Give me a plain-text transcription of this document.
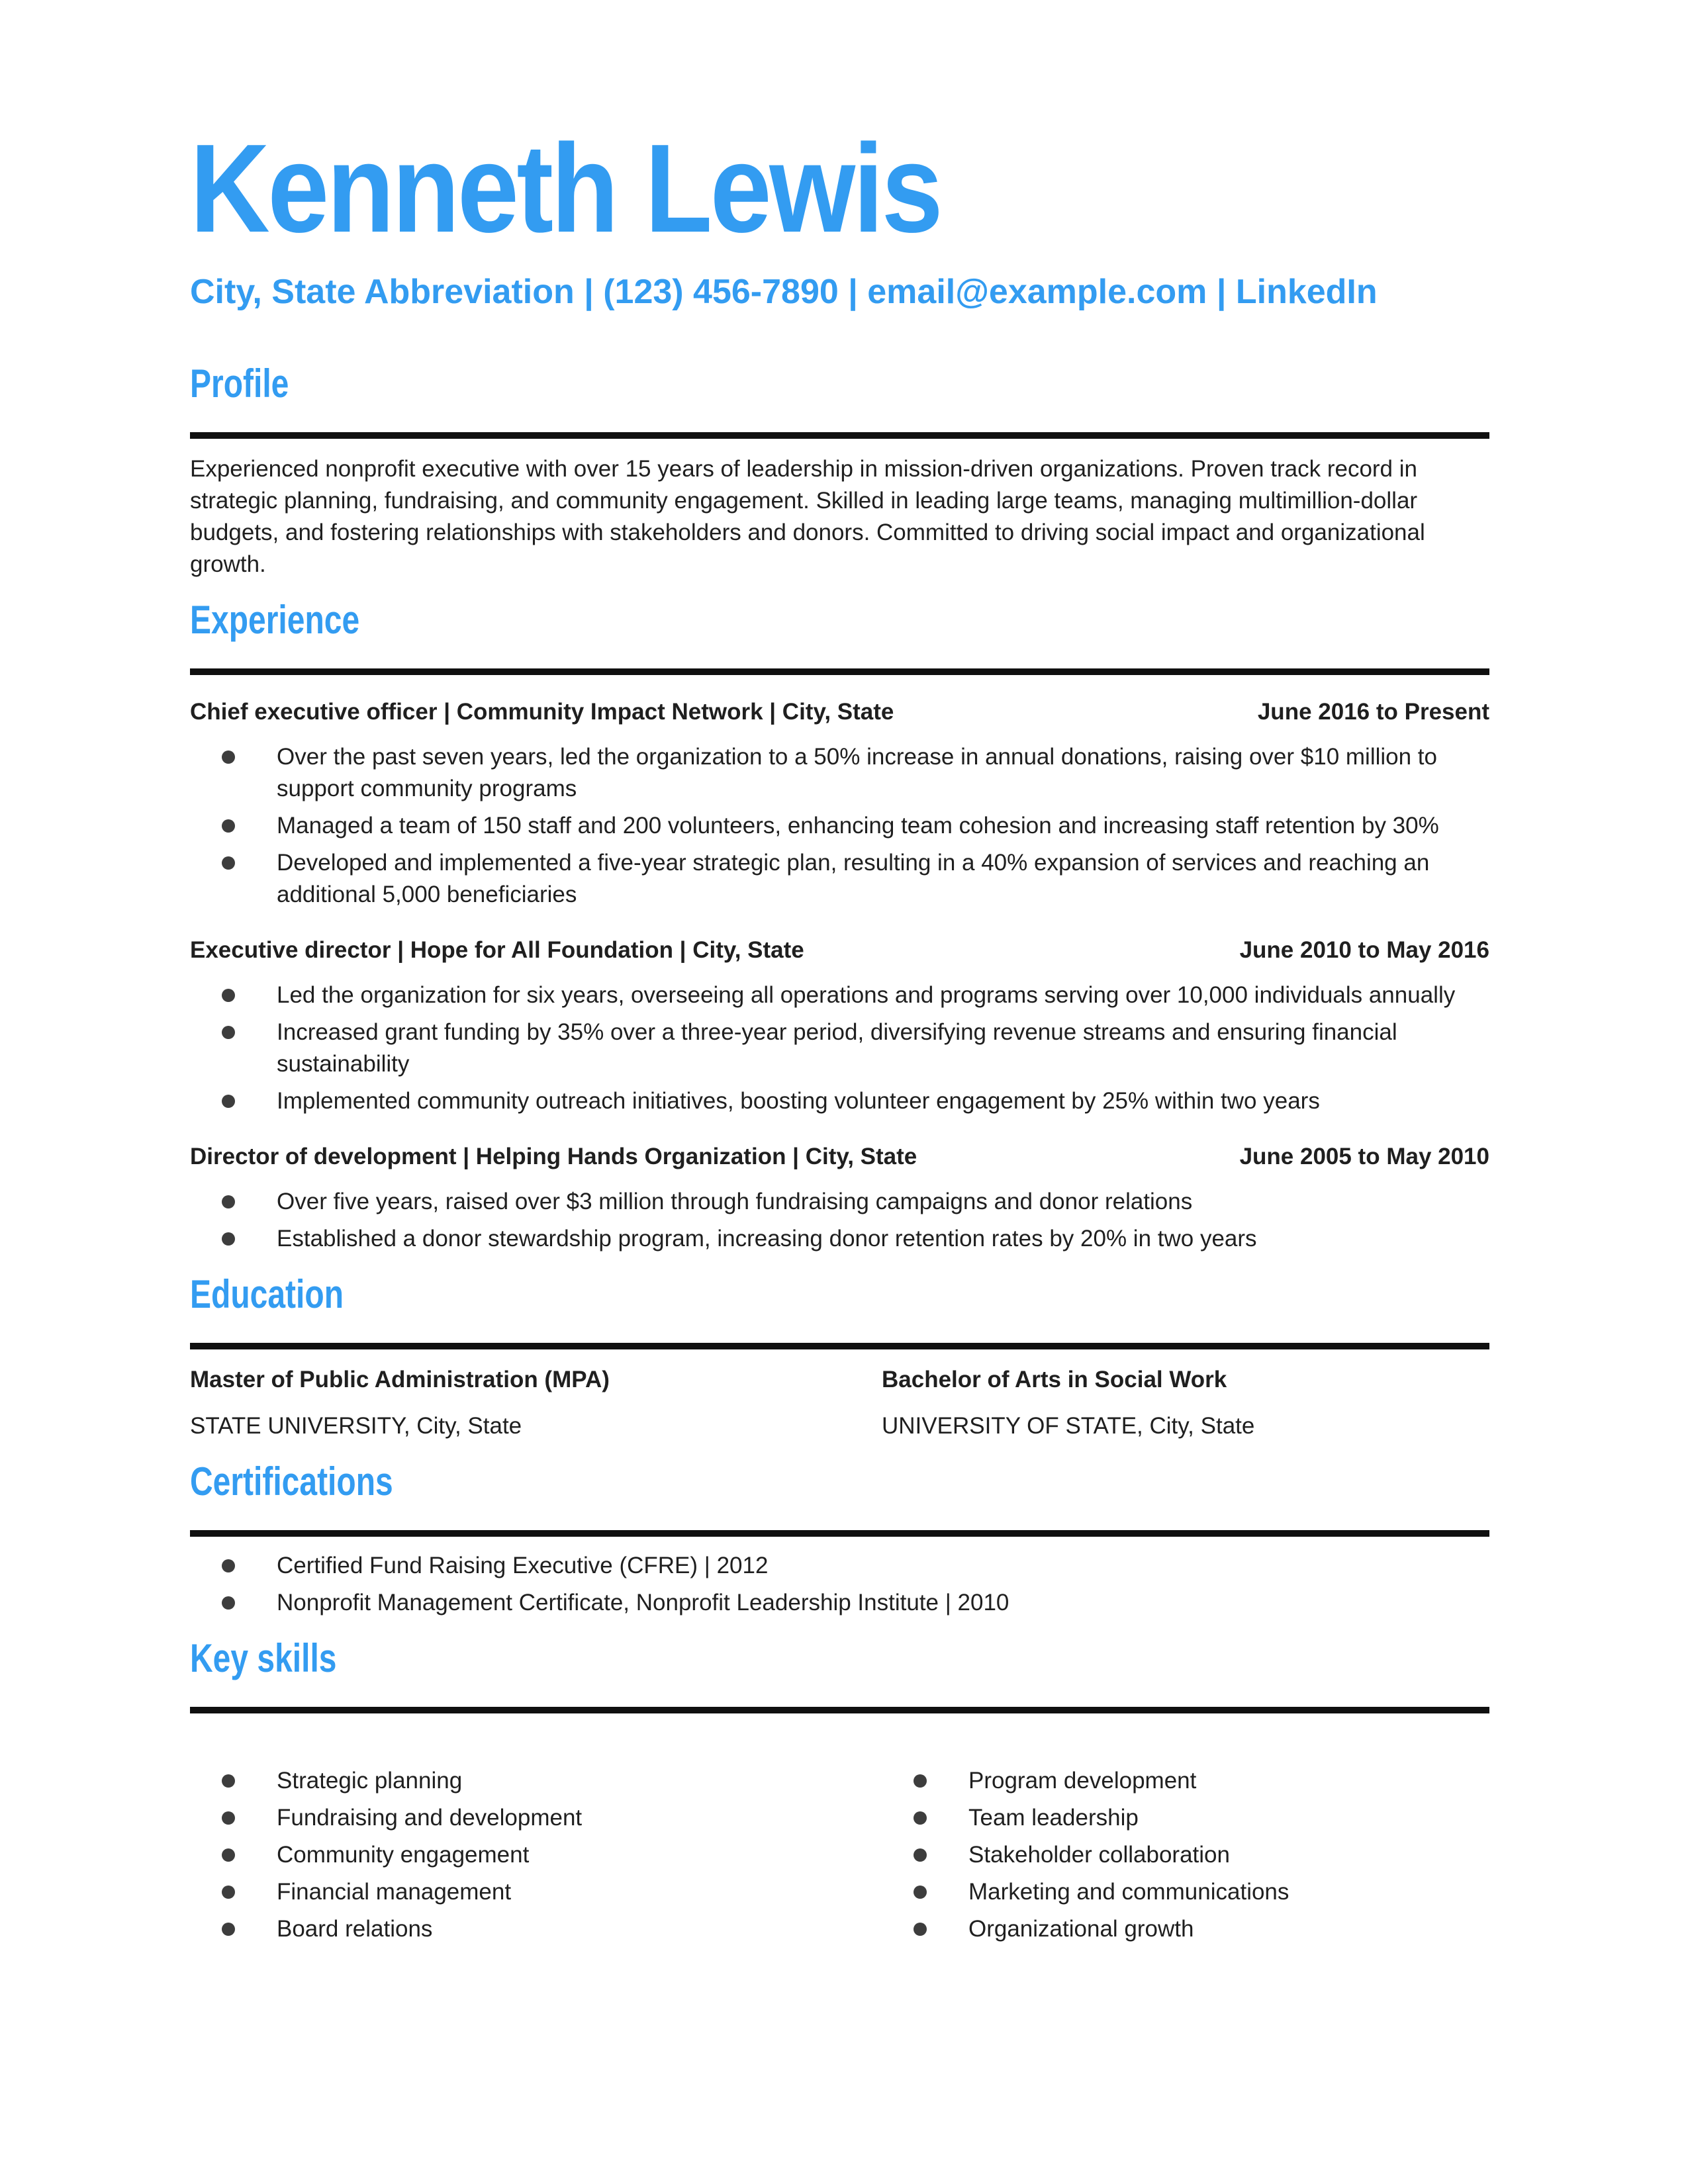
Kenneth Lewis
City, State Abbreviation | (123) 456-7890 | email@example.com | LinkedIn
Profile

Experienced nonprofit executive with over 15 years of leadership in mission-driven organizations. Proven track record in strategic planning, fundraising, and community engagement. Skilled in leading large teams, managing multimillion-dollar budgets, and fostering relationships with stakeholders and donors. Committed to driving social impact and organizational growth.

Experience
Chief executive officer | Community Impact Network | City, State	June 2016 to Present
Over the past seven years, led the organization to a 50% increase in annual donations, raising over $10 million to support community programs
Managed a team of 150 staff and 200 volunteers, enhancing team cohesion and increasing staff retention by 30%
Developed and implemented a five-year strategic plan, resulting in a 40% expansion of services and reaching an additional 5,000 beneficiaries
Executive director | Hope for All Foundation | City, State	June 2010 to May 2016
Led the organization for six years, overseeing all operations and programs serving over 10,000 individuals annually
Increased grant funding by 35% over a three-year period, diversifying revenue streams and ensuring financial sustainability
Implemented community outreach initiatives, boosting volunteer engagement by 25% within two years
Director of development | Helping Hands Organization | City, State	June 2005 to May 2010
Over five years, raised over $3 million through fundraising campaigns and donor relations
Established a donor stewardship program, increasing donor retention rates by 20% in two years
Education
Master of Public Administration (MPA)	Bachelor of Arts in Social Work
STATE UNIVERSITY, City, State	UNIVERSITY OF STATE, City, State
Certifications
Certified Fund Raising Executive (CFRE) | 2012
Nonprofit Management Certificate, Nonprofit Leadership Institute | 2010
Key skills
Strategic planning
Fundraising and development
Community engagement
Financial management
Board relations
Program development
Team leadership
Stakeholder collaboration
Marketing and communications
Organizational growth
